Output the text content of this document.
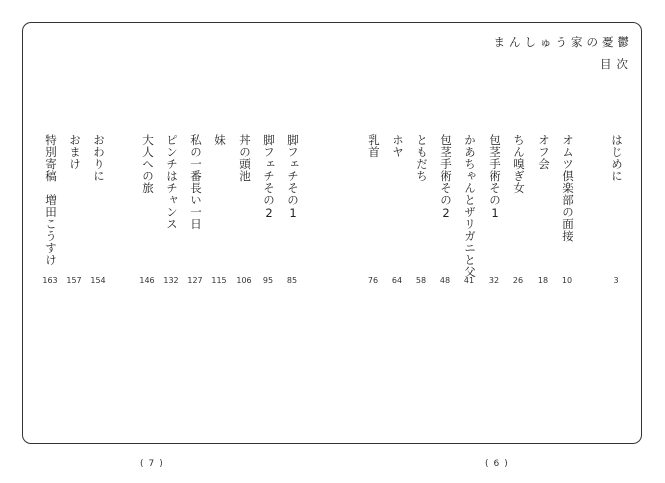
まんしゅう家の憂鬱
目次
はじめに
3
オムツ倶楽部の面接
10
オフ会
18
ちん嗅ぎ女
26
包茎手術その1
32
かあちゃんとザリガニと父
41
包茎手術その2
48
ともだち
58
ホヤ
64
乳首
76
脚フェチその1
85
脚フェチその2
95
丼の頭池
106
妹
115
私の一番長い一日
127
ピンチはチャンス
132
大人への旅
146
おわりに
154
おまけ
157
特別寄稿　増田こうすけ
163
(7)	(6)
